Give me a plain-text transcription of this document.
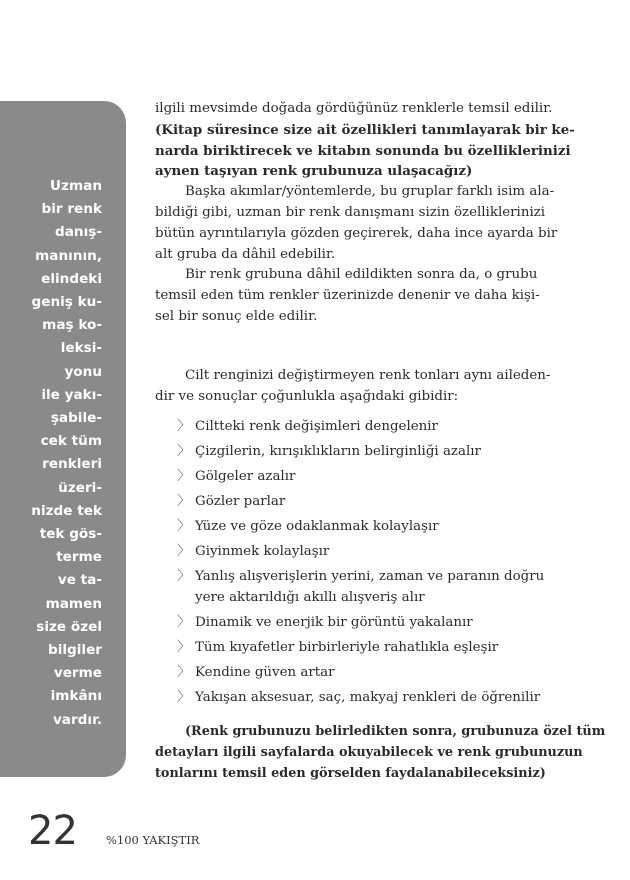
Uzman
bir renk
danış-
manının,
elindeki
geniş ku-
maş ko-
leksi-
yonu
ile yakı-
şabile-
cek tüm
renkleri
üzeri-
nizde tek
tek gös-
terme
ve ta-
mamen
size özel
bilgiler
verme
imkânı
vardır.
ilgili mevsimde doğada gördüğünüz renklerle temsil edilir.
(Kitap süresince size ait özellikleri tanımlayarak bir ke-
narda biriktirecek ve kitabın sonunda bu özelliklerinizi
aynen taşıyan renk grubunuza ulaşacağız)
Başka akımlar/yöntemlerde, bu gruplar farklı isim ala-
bildiği gibi, uzman bir renk danışmanı sizin özelliklerinizi
bütün ayrıntılarıyla gözden geçirerek, daha ince ayarda bir
alt gruba da dâhil edebilir.
Bir renk grubuna dâhil edildikten sonra da, o grubu
temsil eden tüm renkler üzerinizde denenir ve daha kişi-
sel bir sonuç elde edilir.
Cilt renginizi değiştirmeyen renk tonları aynı aileden-
dir ve sonuçlar çoğunlukla aşağıdaki gibidir:
〉 Ciltteki renk değişimleri dengelenir
〉 Çizgilerin, kırışıklıkların belirginliği azalır
〉 Gölgeler azalır
〉 Gözler parlar
〉 Yüze ve göze odaklanmak kolaylaşır
〉 Giyinmek kolaylaşır
〉 Yanlış alışverişlerin yerini, zaman ve paranın doğru
yere aktarıldığı akıllı alışveriş alır
〉 Dinamik ve enerjik bir görüntü yakalanır
〉 Tüm kıyafetler birbirleriyle rahatlıkla eşleşir
〉 Kendine güven artar
〉 Yakışan aksesuar, saç, makyaj renkleri de öğrenilir
(Renk grubunuzu belirledikten sonra, grubunuza özel tüm
detayları ilgili sayfalarda okuyabilecek ve renk grubunuzun
tonlarını temsil eden görselden faydalanabileceksiniz)
22	%100 YAKIŞTIR
